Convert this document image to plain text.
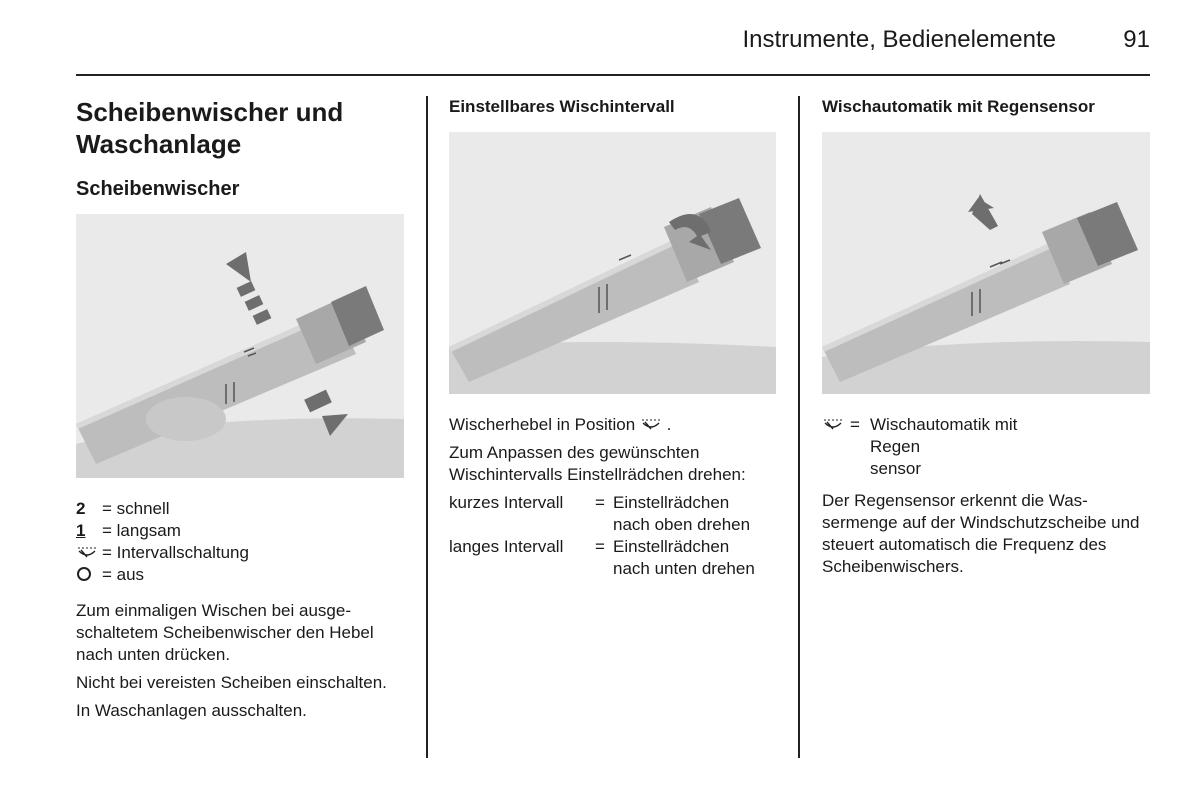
Instrumente, Bedienelemente	91
Scheibenwischer und Waschanlage
Scheibenwischer
2 = schnell
1 = langsam
= Intervallschaltung
= aus

Zum einmaligen Wischen bei ausgeschaltetem Scheibenwischer den Hebel nach unten drücken.

Nicht bei vereisten Scheiben einschalten.

In Waschanlagen ausschalten.

Einstellbares Wischintervall

Wischerhebel in Position .

Zum Anpassen des gewünschten Wischintervalls Einstellrädchen drehen:

kurzes Intervall	= Einstellrädchen
nach oben drehen
langes Intervall	= Einstellrädchen
nach unten drehen
Wischautomatik mit Regensensor
= Wischautomatik mit Regen
sensor

Der Regensensor erkennt die Wassermenge auf der Windschutzscheibe und steuert automatisch die Frequenz des Scheibenwischers.
